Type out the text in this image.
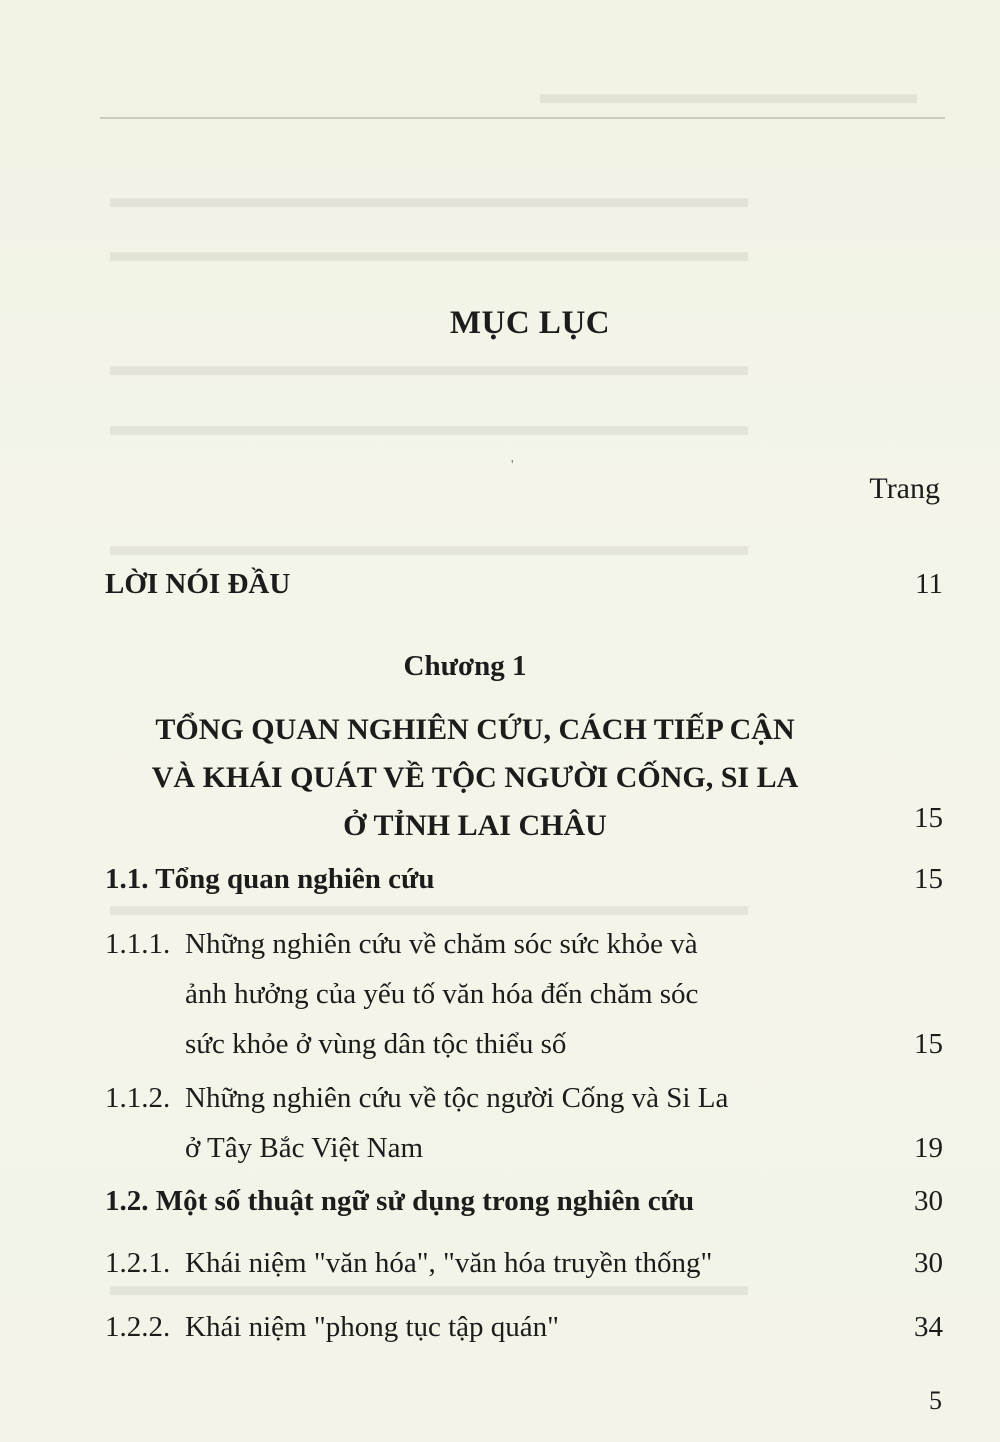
▬▬▬▬▬▬▬▬▬▬▬▬▬
▬▬▬▬▬▬▬▬▬▬▬▬▬▬▬▬▬▬▬▬▬▬
▬▬▬▬▬▬▬▬▬▬▬▬▬▬▬▬▬▬▬▬▬▬
▬▬▬▬▬▬▬▬▬▬▬▬▬▬▬▬▬▬▬▬▬▬
▬▬▬▬▬▬▬▬▬▬▬▬▬▬▬▬▬▬▬▬▬▬
▬▬▬▬▬▬▬▬▬▬▬▬▬▬▬▬▬▬▬▬▬▬
▬▬▬▬▬▬▬▬▬▬▬▬▬▬▬▬▬▬▬▬▬▬
▬▬▬▬▬▬▬▬▬▬▬▬▬▬▬▬▬▬▬▬▬▬
MỤC LỤC
'
Trang
LỜI NÓI ĐẦU	11
Chương 1
TỔNG QUAN NGHIÊN CỨU, CÁCH TIẾP CẬN
VÀ KHÁI QUÁT VỀ TỘC NGƯỜI CỐNG, SI LA
Ở TỈNH LAI CHÂU	15
1.1. Tổng quan nghiên cứu	15
1.1.1. Những nghiên cứu về chăm sóc sức khỏe và
ảnh hưởng của yếu tố văn hóa đến chăm sóc
sức khỏe ở vùng dân tộc thiểu số	15
1.1.2. Những nghiên cứu về tộc người Cống và Si La
ở Tây Bắc Việt Nam	19
1.2. Một số thuật ngữ sử dụng trong nghiên cứu	30
1.2.1. Khái niệm "văn hóa", "văn hóa truyền thống"	30
1.2.2. Khái niệm "phong tục tập quán"	34
5
